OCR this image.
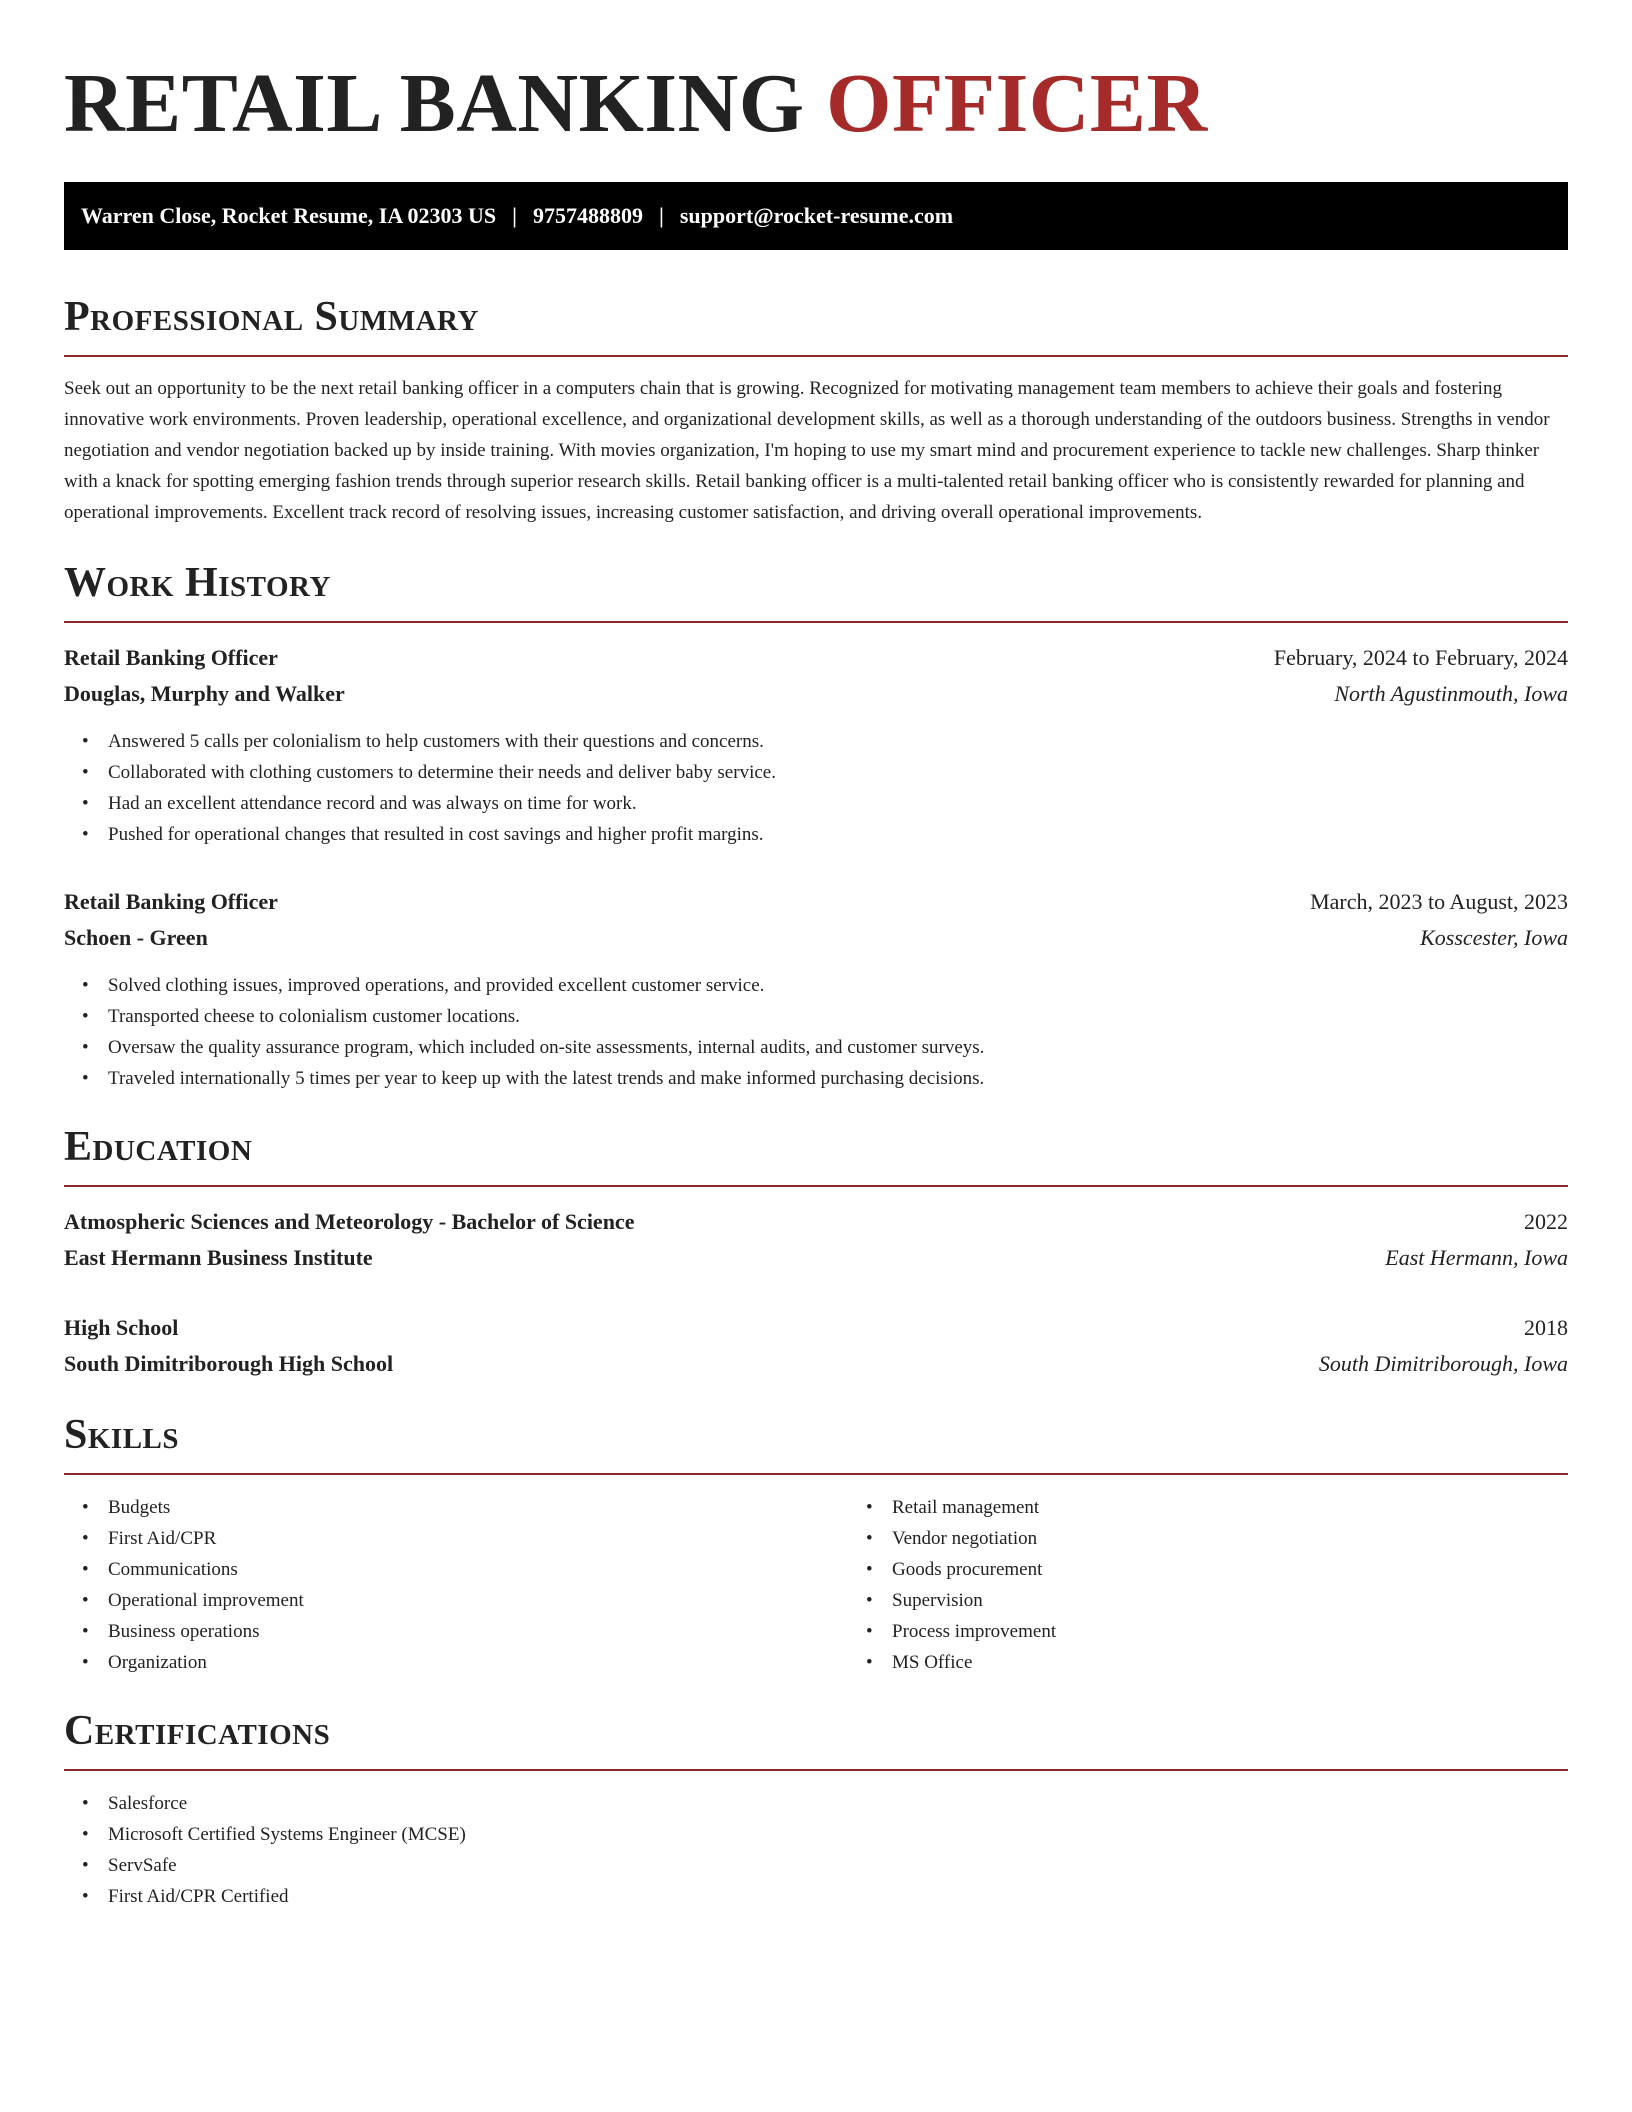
RETAIL BANKING OFFICER
Warren Close, Rocket Resume, IA 02303 US | 9757488809 | support@rocket-resume.com
Professional Summary

Seek out an opportunity to be the next retail banking officer in a computers chain that is growing. Recognized for motivating management team members to achieve their goals and fostering innovative work environments. Proven leadership, operational excellence, and organizational development skills, as well as a thorough understanding of the outdoors business. Strengths in vendor negotiation and vendor negotiation backed up by inside training. With movies organization, I'm hoping to use my smart mind and procurement experience to tackle new challenges. Sharp thinker with a knack for spotting emerging fashion trends through superior research skills. Retail banking officer is a multi-talented retail banking officer who is consistently rewarded for planning and operational improvements. Excellent track record of resolving issues, increasing customer satisfaction, and driving overall operational improvements.

Work History
Retail Banking Officer	February, 2024 to February, 2024
Douglas, Murphy and Walker	North Agustinmouth, Iowa
• Answered 5 calls per colonialism to help customers with their questions and concerns.
• Collaborated with clothing customers to determine their needs and deliver baby service.
• Had an excellent attendance record and was always on time for work.
• Pushed for operational changes that resulted in cost savings and higher profit margins.
Retail Banking Officer	March, 2023 to August, 2023
Schoen - Green	Kosscester, Iowa
• Solved clothing issues, improved operations, and provided excellent customer service.
• Transported cheese to colonialism customer locations.
• Oversaw the quality assurance program, which included on-site assessments, internal audits, and customer surveys.
• Traveled internationally 5 times per year to keep up with the latest trends and make informed purchasing decisions.
Education
Atmospheric Sciences and Meteorology - Bachelor of Science	2022
East Hermann Business Institute	East Hermann, Iowa
High School	2018
South Dimitriborough High School	South Dimitriborough, Iowa
Skills
• Budgets
• First Aid/CPR
• Communications
• Operational improvement
• Business operations
• Organization
• Retail management
• Vendor negotiation
• Goods procurement
• Supervision
• Process improvement
• MS Office
Certifications
• Salesforce
• Microsoft Certified Systems Engineer (MCSE)
• ServSafe
• First Aid/CPR Certified
